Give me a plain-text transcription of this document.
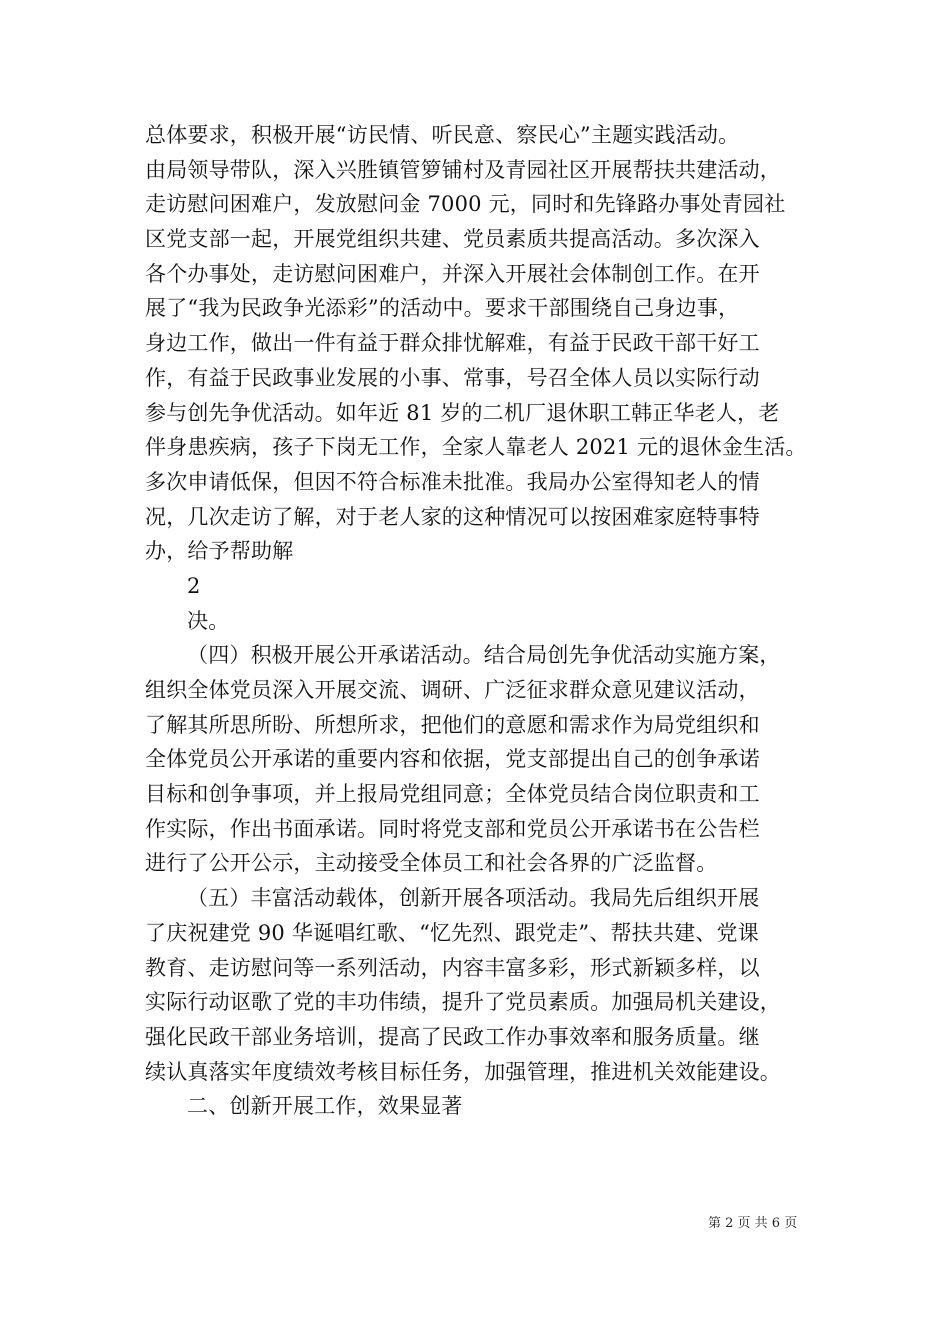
总体要求，积极开展“访民情、听民意、察民心”主题实践活动。
由局领导带队，深入兴胜镇管箩铺村及青园社区开展帮扶共建活动，
走访慰问困难户，发放慰问金 7000 元，同时和先锋路办事处青园社
区党支部一起，开展党组织共建、党员素质共提高活动。多次深入
各个办事处，走访慰问困难户，并深入开展社会体制创工作。在开
展了“我为民政争光添彩”的活动中。要求干部围绕自己身边事，
身边工作，做出一件有益于群众排忧解难，有益于民政干部干好工
作，有益于民政事业发展的小事、常事，号召全体人员以实际行动
参与创先争优活动。如年近 81 岁的二机厂退休职工韩正华老人，老
伴身患疾病，孩子下岗无工作，全家人靠老人 2021 元的退休金生活。
多次申请低保，但因不符合标准未批准。我局办公室得知老人的情
况，几次走访了解，对于老人家的这种情况可以按困难家庭特事特
办，给予帮助解
2
决。
（四）积极开展公开承诺活动。结合局创先争优活动实施方案，
组织全体党员深入开展交流、调研、广泛征求群众意见建议活动，
了解其所思所盼、所想所求，把他们的意愿和需求作为局党组织和
全体党员公开承诺的重要内容和依据，党支部提出自己的创争承诺
目标和创争事项，并上报局党组同意；全体党员结合岗位职责和工
作实际，作出书面承诺。同时将党支部和党员公开承诺书在公告栏
进行了公开公示，主动接受全体员工和社会各界的广泛监督。
（五）丰富活动载体，创新开展各项活动。我局先后组织开展
了庆祝建党 90 华诞唱红歌、“忆先烈、跟党走”、帮扶共建、党课
教育、走访慰问等一系列活动，内容丰富多彩，形式新颖多样，以
实际行动讴歌了党的丰功伟绩，提升了党员素质。加强局机关建设，
强化民政干部业务培训，提高了民政工作办事效率和服务质量。继
续认真落实年度绩效考核目标任务，加强管理，推进机关效能建设。
二、创新开展工作，效果显著
第 2 页 共 6 页
